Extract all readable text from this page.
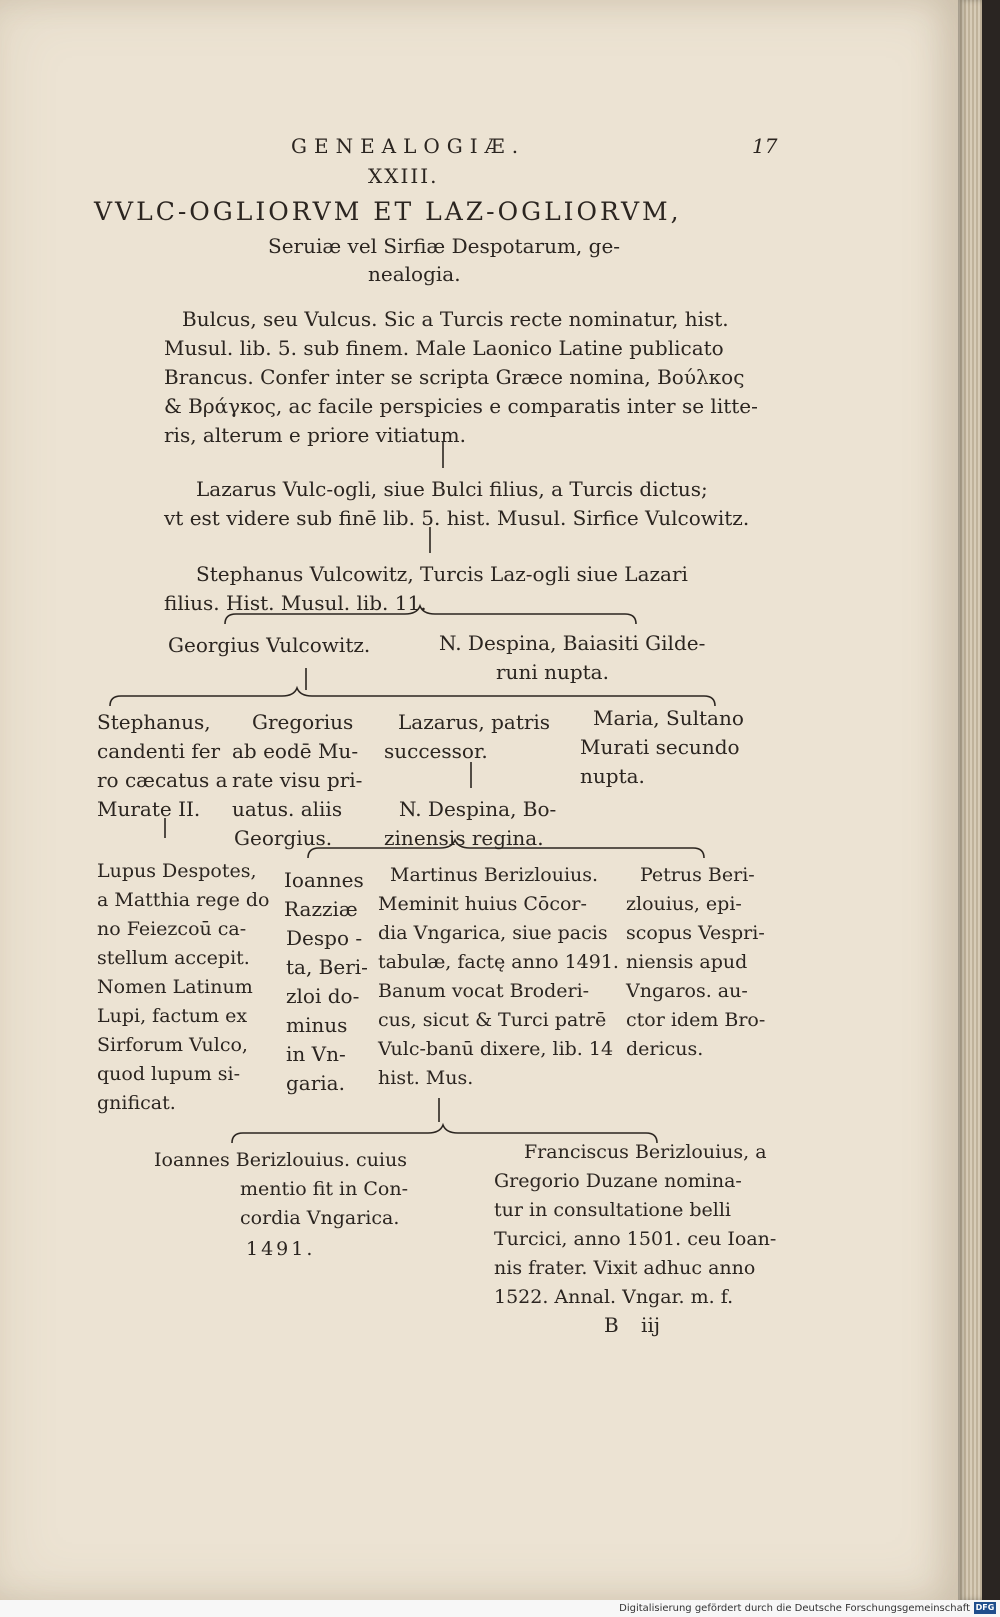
GENEALOGIÆ.	17
XXIII.
VVLC-OGLIORVM ET LAZ-OGLIORVM,
Seruiæ vel Sirfiæ Despotarum, ge-
nealogia.
Bulcus, seu Vulcus. Sic a Turcis recte nominatur, hist.
Musul. lib. 5. sub finem. Male Laonico Latine publicato
Brancus. Confer inter se scripta Græce nomina, Βούλκος
& Βράγκος, ac facile perspicies e comparatis inter se litte-
ris, alterum e priore vitiatum.
Lazarus Vulc-ogli, siue Bulci filius, a Turcis dictus;
vt est videre sub finē lib. 5. hist. Musul. Sirfice Vulcowitz.
Stephanus Vulcowitz, Turcis Laz-ogli siue Lazari
filius. Hist. Musul. lib. 11.
Georgius Vulcowitz.	N. Despina, Baiasiti Gilde-
runi nupta.
Stephanus,
candenti fer
ro cæcatus a
Murate II.
Gregorius
ab eodē Mu-
rate visu pri-
uatus. aliis
Georgius.
Lazarus, patris
successor.
N. Despina, Bo-
zinensis regina.
Maria, Sultano
Murati secundo
nupta.
Lupus Despotes,
a Matthia rege do
no Feiezcoū ca-
stellum accepit.
Nomen Latinum
Lupi, factum ex
Sirforum Vulco,
quod lupum si-
gnificat.
Ioannes
Razziæ
Despo -
ta, Beri-
zloi do-
minus
in Vn-
garia.
Martinus Berizlouius.
Meminit huius Cōcor-
dia Vngarica, siue pacis
tabulæ, factę anno 1491.
Banum vocat Broderi-
cus, sicut & Turci patrē
Vulc-banū dixere, lib. 14
hist. Mus.
Petrus Beri-
zlouius, epi-
scopus Vespri-
niensis apud
Vngaros. au-
ctor idem Bro-
dericus.
Ioannes Berizlouius. cuius
mentio fit in Con-
cordia Vngarica.
1491.
Franciscus Berizlouius, a
Gregorio Duzane nomina-
tur in consultatione belli
Turcici, anno 1501. ceu Ioan-
nis frater. Vixit adhuc anno
1522. Annal. Vngar. m. f.
B iij
Digitalisierung gefördert durch die Deutsche Forschungsgemeinschaft DFG
